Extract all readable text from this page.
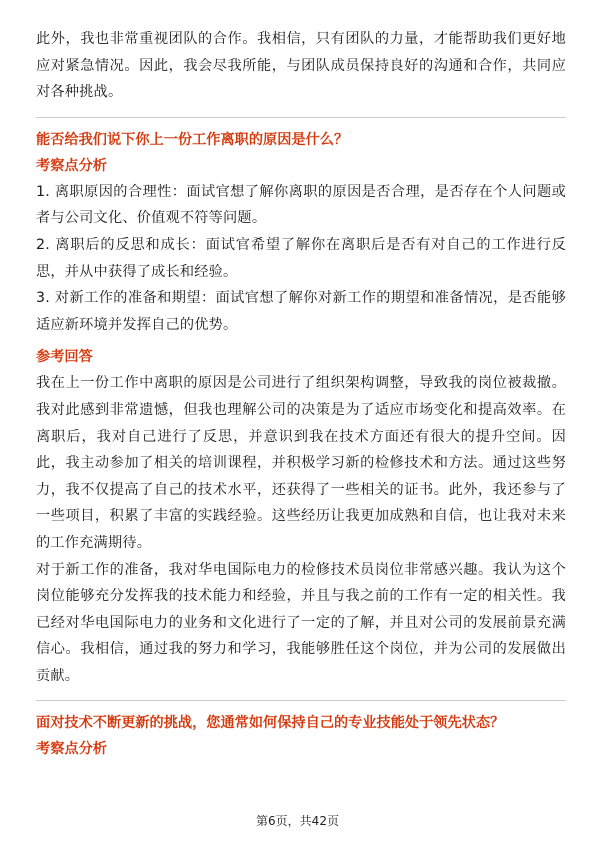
此外，我也非常重视团队的合作。我相信，只有团队的力量，才能帮助我们更好地应对紧急情况。因此，我会尽我所能，与团队成员保持良好的沟通和合作，共同应对各种挑战。

能否给我们说下你上一份工作离职的原因是什么？
考察点分析

1. 离职原因的合理性：面试官想了解你离职的原因是否合理，是否存在个人问题或者与公司文化、价值观不符等问题。

2. 离职后的反思和成长：面试官希望了解你在离职后是否有对自己的工作进行反思，并从中获得了成长和经验。

3. 对新工作的准备和期望：面试官想了解你对新工作的期望和准备情况，是否能够适应新环境并发挥自己的优势。

参考回答

我在上一份工作中离职的原因是公司进行了组织架构调整，导致我的岗位被裁撤。我对此感到非常遗憾，但我也理解公司的决策是为了适应市场变化和提高效率。在离职后，我对自己进行了反思，并意识到我在技术方面还有很大的提升空间。因此，我主动参加了相关的培训课程，并积极学习新的检修技术和方法。通过这些努力，我不仅提高了自己的技术水平，还获得了一些相关的证书。此外，我还参与了一些项目，积累了丰富的实践经验。这些经历让我更加成熟和自信，也让我对未来的工作充满期待。

对于新工作的准备，我对华电国际电力的检修技术员岗位非常感兴趣。我认为这个岗位能够充分发挥我的技术能力和经验，并且与我之前的工作有一定的相关性。我已经对华电国际电力的业务和文化进行了一定的了解，并且对公司的发展前景充满信心。我相信，通过我的努力和学习，我能够胜任这个岗位，并为公司的发展做出贡献。

面对技术不断更新的挑战，您通常如何保持自己的专业技能处于领先状态？
考察点分析
第6页，共42页
